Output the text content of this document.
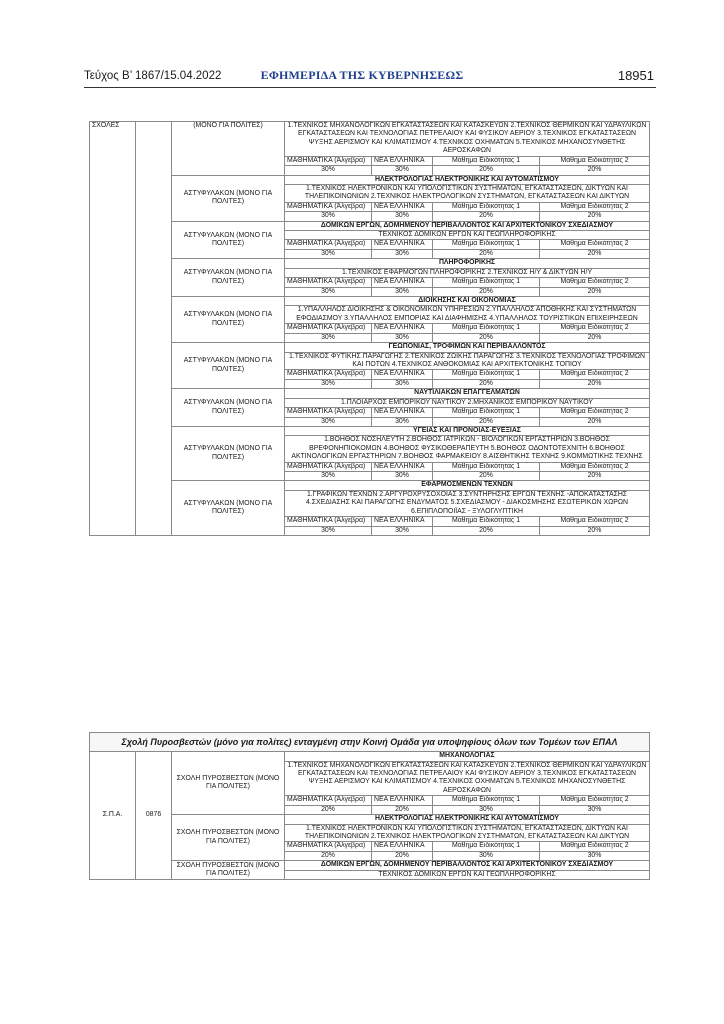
Τεύχος Β’ 1867/15.04.2022	ΕΦΗΜΕΡΙΔΑ ΤΗΣ ΚΥΒΕΡΝΗΣΕΩΣ	18951
ΣΧΟΛΕΣ		(ΜΟΝΟ ΓΙΑ ΠΟΛΙΤΕΣ)	1.ΤΕΧΝΙΚΟΣ ΜΗΧΑΝΟΛΟΓΙΚΩΝ ΕΓΚΑΤΑΣΤΑΣΕΩΝ ΚΑΙ ΚΑΤΑΣΚΕΥΩΝ 2.ΤΕΧΝΙΚΟΣ ΘΕΡΜΙΚΩΝ ΚΑΙ ΥΔΡΑΥΛΙΚΩΝ ΕΓΚΑΤΑΣΤΑΣΕΩΝ ΚΑΙ ΤΕΧΝΟΛΟΓΙΑΣ ΠΕΤΡΕΛΑΙΟΥ ΚΑΙ ΦΥΣΙΚΟΥ ΑΕΡΙΟΥ 3.ΤΕΧΝΙΚΟΣ ΕΓΚΑΤΑΣΤΑΣΕΩΝ ΨΥΞΗΣ ΑΕΡΙΣΜΟΥ ΚΑΙ ΚΛΙΜΑΤΙΣΜΟΥ 4.ΤΕΧΝΙΚΟΣ ΟΧΗΜΑΤΩΝ 5.ΤΕΧΝΙΚΟΣ ΜΗΧΑΝΟΣΥΝΘΕΤΗΣ ΑΕΡΟΣΚΑΦΩΝ			
			ΜΑΘΗΜΑΤΙΚΑ (Άλγεβρα)	ΝΕΑ ΕΛΛΗΝΙΚΑ	Μάθημα Ειδικότητας 1	Μάθημα Ειδικότητας 2
			30%	30%	20%	20%
		ΑΣΤΥΦΥΛΑΚΩΝ (ΜΟΝΟ ΓΙΑ ΠΟΛΙΤΕΣ)	ΗΛΕΚΤΡΟΛΟΓΙΑΣ ΗΛΕΚΤΡΟΝΙΚΗΣ ΚΑΙ ΑΥΤΟΜΑΤΙΣΜΟΥ			
			1.ΤΕΧΝΙΚΟΣ ΗΛΕΚΤΡΟΝΙΚΩΝ ΚΑΙ ΥΠΟΛΟΓΙΣΤΙΚΩΝ ΣΥΣΤΗΜΑΤΩΝ, ΕΓΚΑΤΑΣΤΑΣΕΩΝ, ΔΙΚΤΥΩΝ ΚΑΙ ΤΗΛΕΠΙΚΟΙΝΩΝΙΩΝ 2.ΤΕΧΝΙΚΟΣ ΗΛΕΚΤΡΟΛΟΓΙΚΩΝ ΣΥΣΤΗΜΑΤΩΝ, ΕΓΚΑΤΑΣΤΑΣΕΩΝ ΚΑΙ ΔΙΚΤΥΩΝ			
			ΜΑΘΗΜΑΤΙΚΑ (Άλγεβρα)	ΝΕΑ ΕΛΛΗΝΙΚΑ	Μάθημα Ειδικότητας 1	Μάθημα Ειδικότητας 2
			30%	30%	20%	20%
		ΑΣΤΥΦΥΛΑΚΩΝ (ΜΟΝΟ ΓΙΑ ΠΟΛΙΤΕΣ)	ΔΟΜΙΚΩΝ ΕΡΓΩΝ, ΔΟΜΗΜΕΝΟΥ ΠΕΡΙΒΑΛΛΟΝΤΟΣ ΚΑΙ ΑΡΧΙΤΕΚΤΟΝΙΚΟΥ ΣΧΕΔΙΑΣΜΟΥ			
			ΤΕΧΝΙΚΟΣ ΔΟΜΙΚΩΝ ΕΡΓΩΝ ΚΑΙ ΓΕΩΠΛΗΡΟΦΟΡΙΚΗΣ			
			ΜΑΘΗΜΑΤΙΚΑ (Άλγεβρα)	ΝΕΑ ΕΛΛΗΝΙΚΑ	Μάθημα Ειδικότητας 1	Μάθημα Ειδικότητας 2
			30%	30%	20%	20%
		ΑΣΤΥΦΥΛΑΚΩΝ (ΜΟΝΟ ΓΙΑ ΠΟΛΙΤΕΣ)	ΠΛΗΡΟΦΟΡΙΚΗΣ			
			1.ΤΕΧΝΙΚΟΣ ΕΦΑΡΜΟΓΩΝ ΠΛΗΡΟΦΟΡΙΚΗΣ 2.ΤΕΧΝΙΚΟΣ Η/Υ & ΔΙΚΤΥΩΝ Η/Υ			
			ΜΑΘΗΜΑΤΙΚΑ (Άλγεβρα)	ΝΕΑ ΕΛΛΗΝΙΚΑ	Μάθημα Ειδικότητας 1	Μάθημα Ειδικότητας 2
			30%	30%	20%	20%
		ΑΣΤΥΦΥΛΑΚΩΝ (ΜΟΝΟ ΓΙΑ ΠΟΛΙΤΕΣ)	ΔΙΟΙΚΗΣΗΣ ΚΑΙ ΟΙΚΟΝΟΜΙΑΣ			
			1.ΥΠΑΛΛΗΛΟΣ ΔΙΟΙΚΗΣΗΣ & ΟΙΚΟΝΟΜΙΚΩΝ ΥΠΗΡΕΣΙΩΝ 2.ΥΠΑΛΛΗΛΟΣ ΑΠΟΘΗΚΗΣ ΚΑΙ ΣΥΣΤΗΜΑΤΩΝ ΕΦΟΔΙΑΣΜΟΥ 3.ΥΠΑΛΛΗΛΟΣ ΕΜΠΟΡΙΑΣ ΚΑΙ ΔΙΑΦΗΜΙΣΗΣ 4.ΥΠΑΛΛΗΛΟΣ ΤΟΥΡΙΣΤΙΚΩΝ ΕΠΙΧΕΙΡΗΣΕΩΝ			
			ΜΑΘΗΜΑΤΙΚΑ (Άλγεβρα)	ΝΕΑ ΕΛΛΗΝΙΚΑ	Μάθημα Ειδικότητας 1	Μάθημα Ειδικότητας 2
			30%	30%	20%	20%
		ΑΣΤΥΦΥΛΑΚΩΝ (ΜΟΝΟ ΓΙΑ ΠΟΛΙΤΕΣ)	ΓΕΩΠΟΝΙΑΣ, ΤΡΟΦΙΜΩΝ ΚΑΙ ΠΕΡΙΒΑΛΛΟΝΤΟΣ			
			1.ΤΕΧΝΙΚΟΣ ΦΥΤΙΚΗΣ ΠΑΡΑΓΩΓΗΣ 2.ΤΕΧΝΙΚΟΣ ΖΩΙΚΗΣ ΠΑΡΑΓΩΓΗΣ 3.ΤΕΧΝΙΚΟΣ ΤΕΧΝΟΛΟΓΙΑΣ ΤΡΟΦΙΜΩΝ ΚΑΙ ΠΟΤΩΝ 4.ΤΕΧΝΙΚΟΣ ΑΝΘΟΚΟΜΙΑΣ ΚΑΙ ΑΡΧΙΤΕΚΤΟΝΙΚΗΣ ΤΟΠΙΟΥ			
			ΜΑΘΗΜΑΤΙΚΑ (Άλγεβρα)	ΝΕΑ ΕΛΛΗΝΙΚΑ	Μάθημα Ειδικότητας 1	Μάθημα Ειδικότητας 2
			30%	30%	20%	20%
		ΑΣΤΥΦΥΛΑΚΩΝ (ΜΟΝΟ ΓΙΑ ΠΟΛΙΤΕΣ)	ΝΑΥΤΙΛΙΑΚΩΝ ΕΠΑΓΓΕΛΜΑΤΩΝ			
			1.ΠΛΟΙΑΡΧΟΣ ΕΜΠΟΡΙΚΟΥ ΝΑΥΤΙΚΟΥ 2.ΜΗΧΑΝΙΚΟΣ ΕΜΠΟΡΙΚΟΥ ΝΑΥΤΙΚΟΥ			
			ΜΑΘΗΜΑΤΙΚΑ (Άλγεβρα)	ΝΕΑ ΕΛΛΗΝΙΚΑ	Μάθημα Ειδικότητας 1	Μάθημα Ειδικότητας 2
			30%	30%	20%	20%
		ΑΣΤΥΦΥΛΑΚΩΝ (ΜΟΝΟ ΓΙΑ ΠΟΛΙΤΕΣ)	ΥΓΕΙΑΣ ΚΑΙ ΠΡΟΝΟΙΑΣ-ΕΥΕΞΙΑΣ			
			1.ΒΟΗΘΟΣ ΝΟΣΗΛΕΥΤΗ 2.ΒΟΗΘΟΣ ΙΑΤΡΙΚΩΝ - ΒΙΟΛΟΓΙΚΩΝ ΕΡΓΑΣΤΗΡΙΩΝ 3.ΒΟΗΘΟΣ ΒΡΕΦΟΝΗΠΙΟΚΟΜΩΝ 4.ΒΟΗΘΟΣ ΦΥΣΙΚΟΘΕΡΑΠΕΥΤΗ 5.ΒΟΗΘΟΣ ΟΔΟΝΤΟΤΕΧΝΙΤΗ 6.ΒΟΗΘΟΣ ΑΚΤΙΝΟΛΟΓΙΚΩΝ ΕΡΓΑΣΤΗΡΙΩΝ 7.ΒΟΗΘΟΣ ΦΑΡΜΑΚΕΙΟΥ 8.ΑΙΣΘΗΤΙΚΗΣ ΤΕΧΝΗΣ 9.ΚΟΜΜΩΤΙΚΗΣ ΤΕΧΝΗΣ			
			ΜΑΘΗΜΑΤΙΚΑ (Άλγεβρα)	ΝΕΑ ΕΛΛΗΝΙΚΑ	Μάθημα Ειδικότητας 1	Μάθημα Ειδικότητας 2
			30%	30%	20%	20%
		ΑΣΤΥΦΥΛΑΚΩΝ (ΜΟΝΟ ΓΙΑ ΠΟΛΙΤΕΣ)	ΕΦΑΡΜΟΣΜΕΝΩΝ ΤΕΧΝΩΝ			
			1.ΓΡΑΦΙΚΩΝ ΤΕΧΝΩΝ 2.ΑΡΓΥΡΟΧΡΥΣΟΧΟΪΑΣ 3.ΣΥΝΤΗΡΗΣΗΣ ΕΡΓΩΝ ΤΕΧΝΗΣ -ΑΠΟΚΑΤΑΣΤΑΣΗΣ 4.ΣΧΕΔΙΑΣΗΣ ΚΑΙ ΠΑΡΑΓΩΓΗΣ ΕΝΔΥΜΑΤΟΣ 5.ΣΧΕΔΙΑΣΜΟΥ - ΔΙΑΚΟΣΜΗΣΗΣ ΕΣΩΤΕΡΙΚΩΝ ΧΩΡΩΝ 6.ΕΠΙΠΛΟΠΟΙΪΑΣ - ΞΥΛΟΓΛΥΠΤΙΚΗ			
			ΜΑΘΗΜΑΤΙΚΑ (Άλγεβρα)	ΝΕΑ ΕΛΛΗΝΙΚΑ	Μάθημα Ειδικότητας 1	Μάθημα Ειδικότητας 2
			30%	30%	20%	20%
Σχολή Πυροσβεστών (μόνο για πολίτες) ενταγμένη στην Κοινή Ομάδα για υποψηφίους όλων των Τομέων των ΕΠΑΛ						
Σ.Π.Α.	0876	ΣΧΟΛΗ ΠΥΡΟΣΒΕΣΤΩΝ (ΜΟΝΟ ΓΙΑ ΠΟΛΙΤΕΣ)	ΜΗΧΑΝΟΛΟΓΙΑΣ			
			1.ΤΕΧΝΙΚΟΣ ΜΗΧΑΝΟΛΟΓΙΚΩΝ ΕΓΚΑΤΑΣΤΑΣΕΩΝ ΚΑΙ ΚΑΤΑΣΚΕΥΩΝ 2.ΤΕΧΝΙΚΟΣ ΘΕΡΜΙΚΩΝ ΚΑΙ ΥΔΡΑΥΛΙΚΩΝ ΕΓΚΑΤΑΣΤΑΣΕΩΝ ΚΑΙ ΤΕΧΝΟΛΟΓΙΑΣ ΠΕΤΡΕΛΑΙΟΥ ΚΑΙ ΦΥΣΙΚΟΥ ΑΕΡΙΟΥ 3.ΤΕΧΝΙΚΟΣ ΕΓΚΑΤΑΣΤΑΣΕΩΝ ΨΥΞΗΣ ΑΕΡΙΣΜΟΥ ΚΑΙ ΚΛΙΜΑΤΙΣΜΟΥ 4.ΤΕΧΝΙΚΟΣ ΟΧΗΜΑΤΩΝ 5.ΤΕΧΝΙΚΟΣ ΜΗΧΑΝΟΣΥΝΘΕΤΗΣ ΑΕΡΟΣΚΑΦΩΝ			
			ΜΑΘΗΜΑΤΙΚΑ (Άλγεβρα)	ΝΕΑ ΕΛΛΗΝΙΚΑ	Μάθημα Ειδικότητας 1	Μάθημα Ειδικότητας 2
			20%	20%	30%	30%
		ΣΧΟΛΗ ΠΥΡΟΣΒΕΣΤΩΝ (ΜΟΝΟ ΓΙΑ ΠΟΛΙΤΕΣ)	ΗΛΕΚΤΡΟΛΟΓΙΑΣ ΗΛΕΚΤΡΟΝΙΚΗΣ ΚΑΙ ΑΥΤΟΜΑΤΙΣΜΟΥ			
			1.ΤΕΧΝΙΚΟΣ ΗΛΕΚΤΡΟΝΙΚΩΝ ΚΑΙ ΥΠΟΛΟΓΙΣΤΙΚΩΝ ΣΥΣΤΗΜΑΤΩΝ, ΕΓΚΑΤΑΣΤΑΣΕΩΝ, ΔΙΚΤΥΩΝ ΚΑΙ ΤΗΛΕΠΙΚΟΙΝΩΝΙΩΝ 2.ΤΕΧΝΙΚΟΣ ΗΛΕΚΤΡΟΛΟΓΙΚΩΝ ΣΥΣΤΗΜΑΤΩΝ, ΕΓΚΑΤΑΣΤΑΣΕΩΝ ΚΑΙ ΔΙΚΤΥΩΝ			
			ΜΑΘΗΜΑΤΙΚΑ (Άλγεβρα)	ΝΕΑ ΕΛΛΗΝΙΚΑ	Μάθημα Ειδικότητας 1	Μάθημα Ειδικότητας 2
			20%	20%	30%	30%
		ΣΧΟΛΗ ΠΥΡΟΣΒΕΣΤΩΝ (ΜΟΝΟ ΓΙΑ ΠΟΛΙΤΕΣ)	ΔΟΜΙΚΩΝ ΕΡΓΩΝ, ΔΟΜΗΜΕΝΟΥ ΠΕΡΙΒΑΛΛΟΝΤΟΣ ΚΑΙ ΑΡΧΙΤΕΚΤΟΝΙΚΟΥ ΣΧΕΔΙΑΣΜΟΥ			
			ΤΕΧΝΙΚΟΣ ΔΟΜΙΚΩΝ ΕΡΓΩΝ ΚΑΙ ΓΕΩΠΛΗΡΟΦΟΡΙΚΗΣ			
